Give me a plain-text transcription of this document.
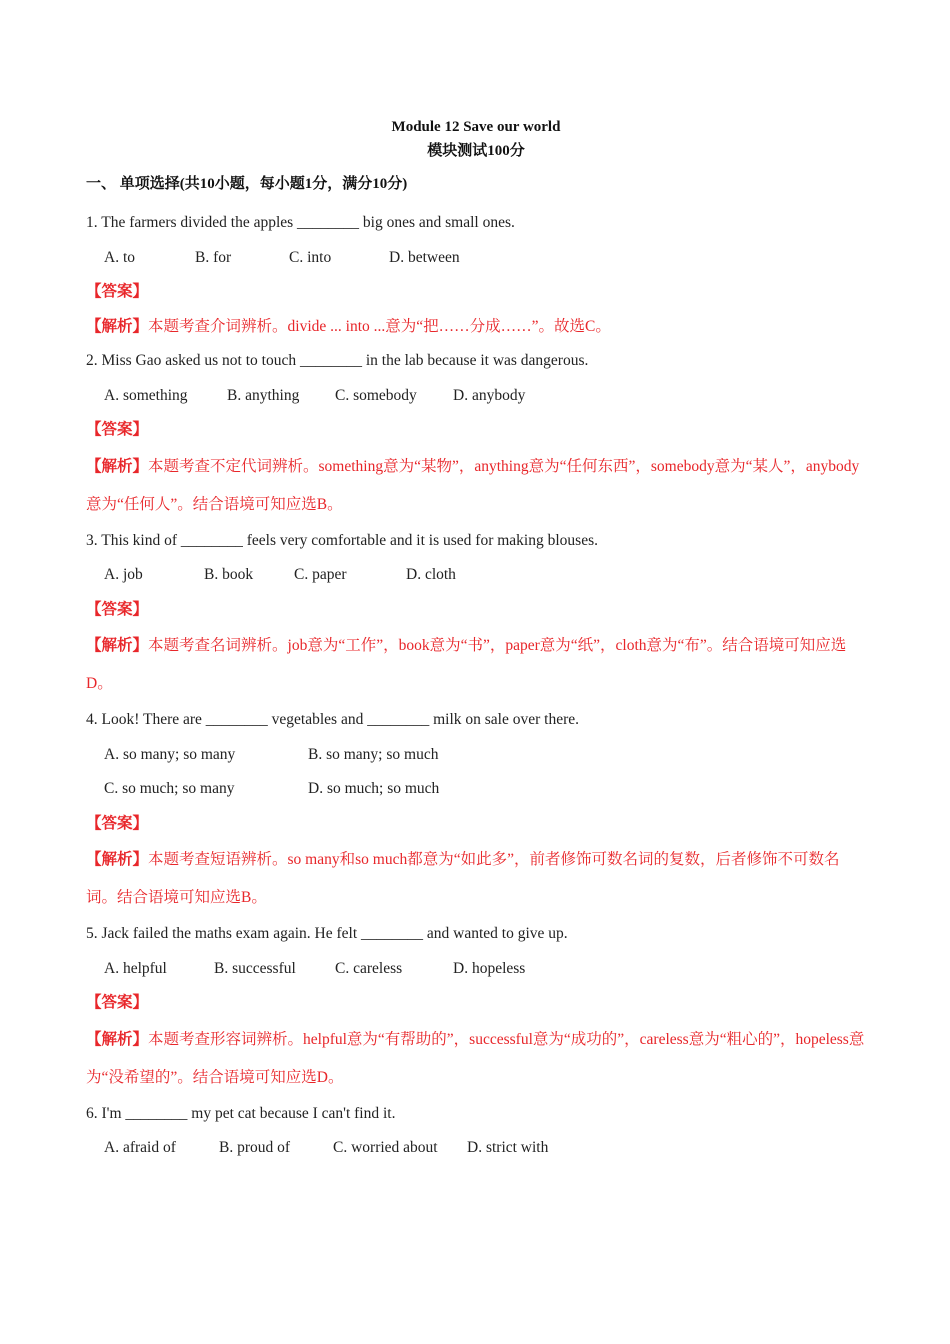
Module 12 Save our world

模块测试100分

一、 单项选择(共10小题，每小题1分，满分10分)

1. The farmers divided the apples ________ big ones and small ones.

A. to	B. for	C. into	D. between

【答案】

【解析】本题考查介词辨析。divide ... into ...意为“把……分成……”。故选C。

2. Miss Gao asked us not to touch ________ in the lab because it was dangerous.

A. something	B. anything C. somebody D. anybody

【答案】

【解析】本题考查不定代词辨析。something意为“某物”，anything意为“任何东西”，somebody意为“某人”，anybody意为“任何人”。结合语境可知应选B。

3. This kind of ________ feels very comfortable and it is used for making blouses.

A. job	B. book	C. paper	D. cloth

【答案】

【解析】本题考查名词辨析。job意为“工作”，book意为“书”，paper意为“纸”，cloth意为“布”。结合语境可知应选D。

4. Look! There are ________ vegetables and ________ milk on sale over there.

A. so many; so many	B. so many; so much

C. so much; so many	D. so much; so much

【答案】

【解析】本题考查短语辨析。so many和so much都意为“如此多”，前者修饰可数名词的复数，后者修饰不可数名词。结合语境可知应选B。

5. Jack failed the maths exam again. He felt ________ and wanted to give up.

A. helpful	B. successful	C. careless	D. hopeless

【答案】

【解析】本题考查形容词辨析。helpful意为“有帮助的”，successful意为“成功的”，careless意为“粗心的”，hopeless意为“没希望的”。结合语境可知应选D。

6. I'm ________ my pet cat because I can't find it.

A. afraid of	B. proud of	C. worried about D. strict with
